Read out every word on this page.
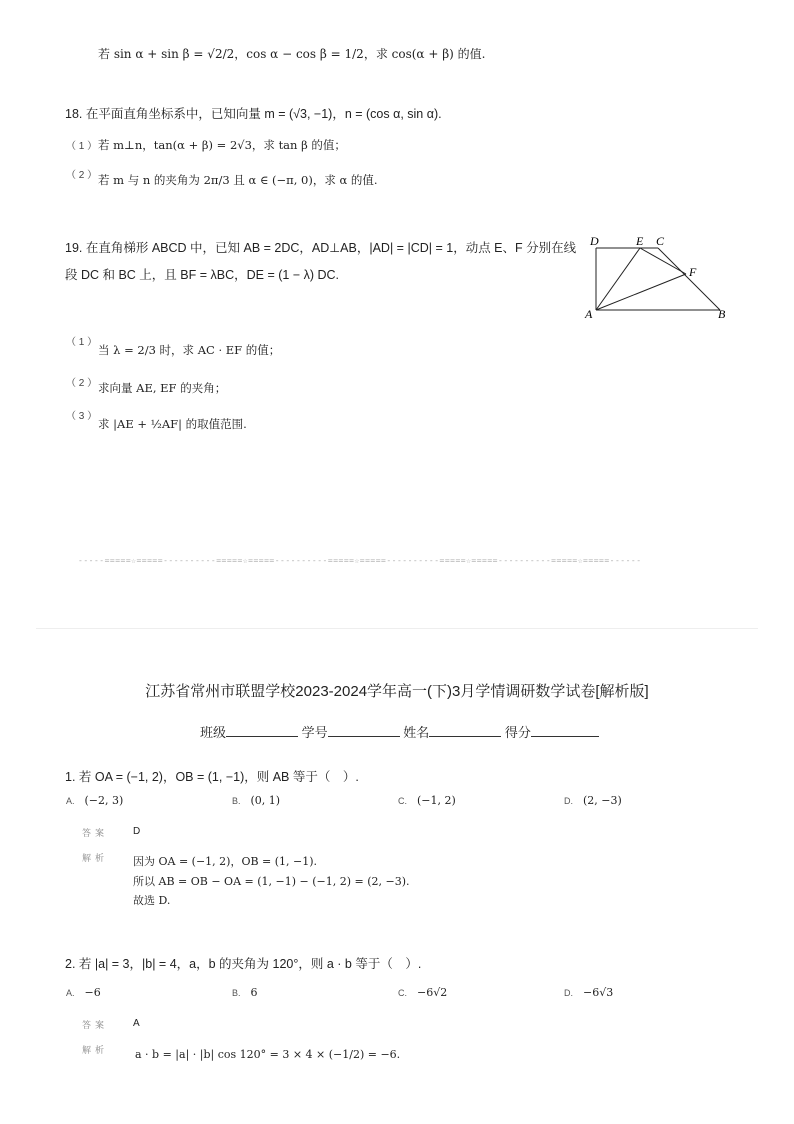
若 sin α + sin β = √2/2，cos α − cos β = 1/2，求 cos(α + β) 的值.
18. 在平面直角坐标系中，已知向量 m = (√3, −1)，n = (cos α, sin α).
（ 1 ） 若 m⊥n，tan(α + β) = 2√3，求 tan β 的值；
（ 2 ） 若 m 与 n 的夹角为 2π/3 且 α ∈ (−π, 0)，求 α 的值.
19. 在直角梯形 ABCD 中，已知 AB = 2DC，AD⊥AB，|AD| = |CD| = 1，动点 E、F 分别在线
段 DC 和 BC 上，且 BF = λBC，DE = (1 − λ) DC.
D	E C
F
A	B
（ 1 ）
当 λ = 2/3 时，求 AC · EF 的值；
（ 2 ） 求向量 AE, EF 的夹角；
（ 3 ）
求 |AE + ½AF| 的取值范围.
-----=====☆=====----------=====☆=====----------=====☆=====----------=====☆=====----------=====☆=====------
江苏省常州市联盟学校2023-2024学年高一(下)3月学情调研数学试卷[解析版]
班级	学号	姓名	得分
1. 若 OA = (−1, 2)，OB = (1, −1)，则 AB 等于（　）.
A. (−2, 3)	B. (0, 1)	C. (−1, 2)	D. (2, −3)
答案 D
解析 因为 OA = (−1, 2)，OB = (1, −1).
所以 AB = OB − OA = (1, −1) − (−1, 2) = (2, −3).
故选 D.
2. 若 |a| = 3，|b| = 4，a，b 的夹角为 120°，则 a · b 等于（　）.
A. −6	B. 6	C. −6√2	D. −6√3
答案 A
解析 a · b = |a| · |b| cos 120° = 3 × 4 × (−1/2) = −6.
